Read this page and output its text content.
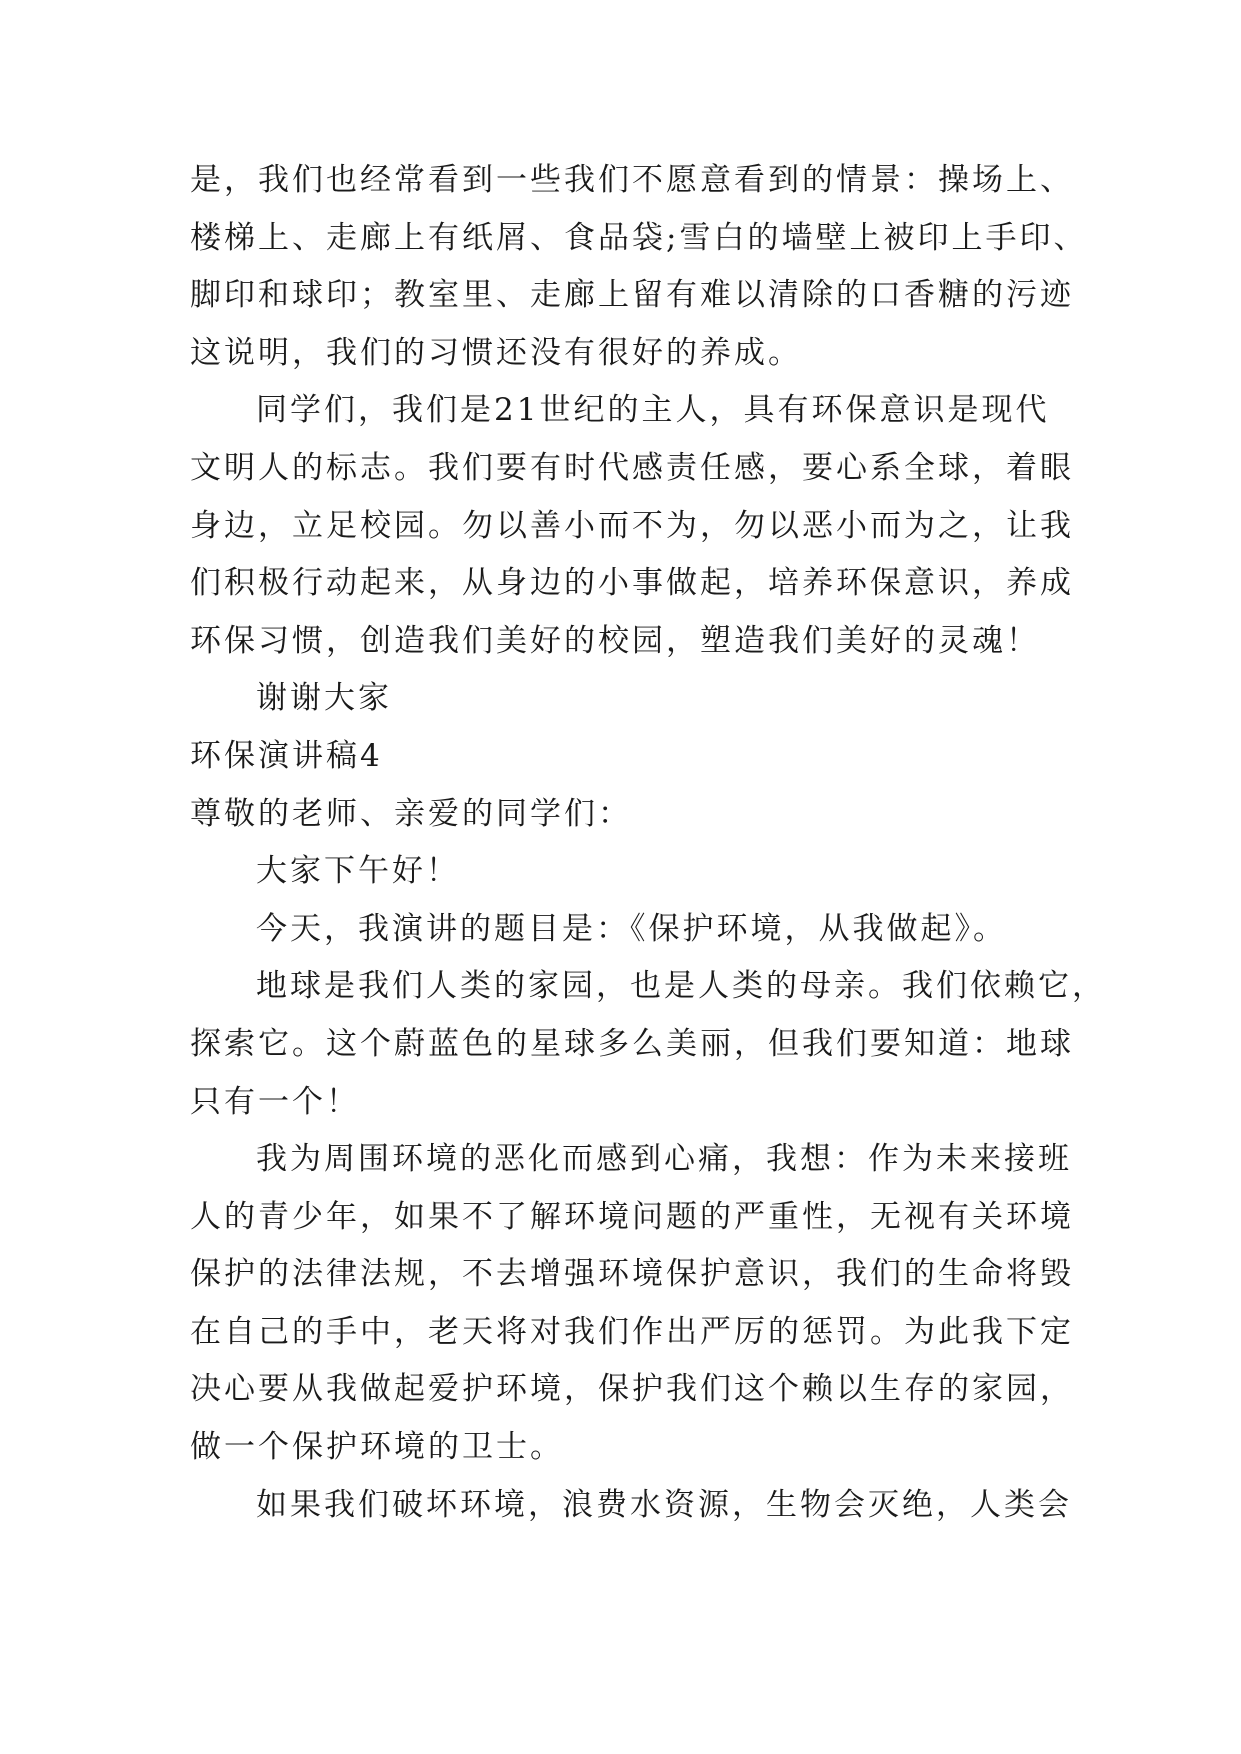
是，我们也经常看到一些我们不愿意看到的情景：操场上、
楼梯上、走廊上有纸屑、食品袋;雪白的墙壁上被印上手印、
脚印和球印；教室里、走廊上留有难以清除的口香糖的污迹
这说明，我们的习惯还没有很好的养成。
同学们，我们是21世纪的主人，具有环保意识是现代
文明人的标志。我们要有时代感责任感，要心系全球，着眼
身边，立足校园。勿以善小而不为，勿以恶小而为之，让我
们积极行动起来，从身边的小事做起，培养环保意识，养成
环保习惯，创造我们美好的校园，塑造我们美好的灵魂！
谢谢大家
环保演讲稿4
尊敬的老师、亲爱的同学们：
大家下午好！
今天，我演讲的题目是：《保护环境，从我做起》。
地球是我们人类的家园，也是人类的母亲。我们依赖它，
探索它。这个蔚蓝色的星球多么美丽，但我们要知道：地球
只有一个！
我为周围环境的恶化而感到心痛，我想：作为未来接班
人的青少年，如果不了解环境问题的严重性，无视有关环境
保护的法律法规，不去增强环境保护意识，我们的生命将毁
在自己的手中，老天将对我们作出严厉的惩罚。为此我下定
决心要从我做起爱护环境，保护我们这个赖以生存的家园，
做一个保护环境的卫士。
如果我们破坏环境，浪费水资源，生物会灭绝，人类会
